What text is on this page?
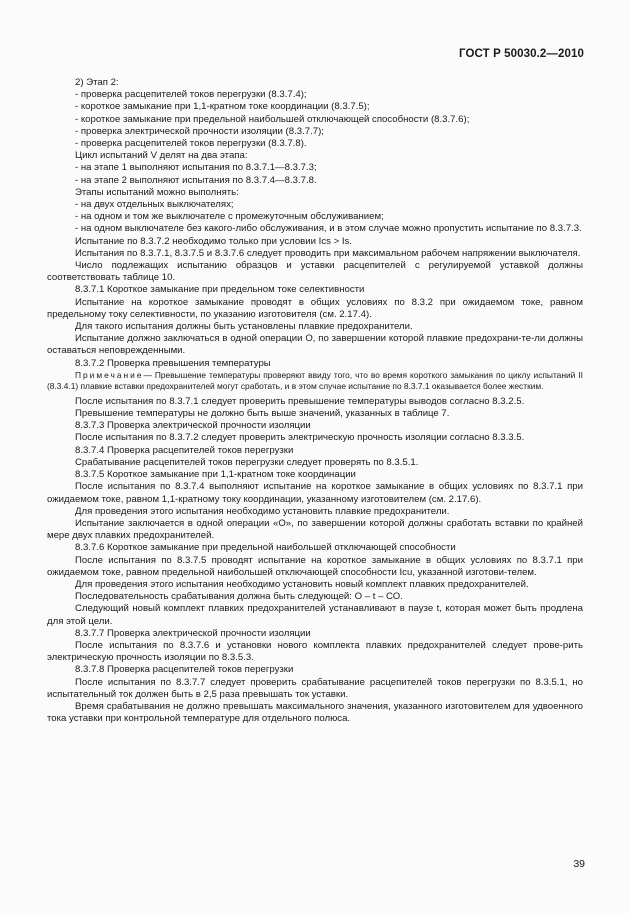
ГОСТ Р 50030.2—2010

2) Этап 2:

- проверка расцепителей токов перегрузки (8.3.7.4);

- короткое замыкание при 1,1-кратном токе координации (8.3.7.5);

- короткое замыкание при предельной наибольшей отключающей способности (8.3.7.6);

- проверка электрической прочности изоляции (8.3.7.7);

- проверка расцепителей токов перегрузки (8.3.7.8).

Цикл испытаний V делят на два этапа:

- на этапе 1 выполняют испытания по 8.3.7.1—8.3.7.3;

- на этапе 2 выполняют испытания по 8.3.7.4—8.3.7.8.

Этапы испытаний можно выполнять:

- на двух отдельных выключателях;

- на одном и том же выключателе с промежуточным обслуживанием;

- на одном выключателе без какого-либо обслуживания, и в этом случае можно пропустить испытание по 8.3.7.3.

Испытание по 8.3.7.2 необходимо только при условии Ics > Is.

Испытания по 8.3.7.1, 8.3.7.5 и 8.3.7.6 следует проводить при максимальном рабочем напряжении выключателя.

Число подлежащих испытанию образцов и уставки расцепителей с регулируемой уставкой должны соответствовать таблице 10.

8.3.7.1 Короткое замыкание при предельном токе селективности

Испытание на короткое замыкание проводят в общих условиях по 8.3.2 при ожидаемом токе, равном предельному току селективности, по указанию изготовителя (см. 2.17.4).

Для такого испытания должны быть установлены плавкие предохранители.

Испытание должно заключаться в одной операции О, по завершении которой плавкие предохрани-те-ли должны оставаться неповрежденными.

8.3.7.2 Проверка превышения температуры

Примечание— Превышение температуры проверяют ввиду того, что во время короткого замыкания по циклу испытаний II (8.3.4.1) плавкие вставки предохранителей могут сработать, и в этом случае испытание по 8.3.7.1 оказывается более жестким.

После испытания по 8.3.7.1 следует проверить превышение температуры выводов согласно 8.3.2.5.

Превышение температуры не должно быть выше значений, указанных в таблице 7.

8.3.7.3 Проверка электрической прочности изоляции

После испытания по 8.3.7.2 следует проверить электрическую прочность изоляции согласно 8.3.3.5.

8.3.7.4 Проверка расцепителей токов перегрузки

Срабатывание расцепителей токов перегрузки следует проверять по 8.3.5.1.

8.3.7.5 Короткое замыкание при 1,1-кратном токе координации

После испытания по 8.3.7.4 выполняют испытание на короткое замыкание в общих условиях по 8.3.7.1 при ожидаемом токе, равном 1,1-кратному току координации, указанному изготовителем (см. 2.17.6).

Для проведения этого испытания необходимо установить плавкие предохранители.

Испытание заключается в одной операции «О», по завершении которой должны сработать вставки по крайней мере двух плавких предохранителей.

8.3.7.6 Короткое замыкание при предельной наибольшей отключающей способности

После испытания по 8.3.7.5 проводят испытание на короткое замыкание в общих условиях по 8.3.7.1 при ожидаемом токе, равном предельной наибольшей отключающей способности Icu, указанной изготови-телем.

Для проведения этого испытания необходимо установить новый комплект плавких предохранителей.

Последовательность срабатывания должна быть следующей: О – t – СО.

Следующий новый комплект плавких предохранителей устанавливают в паузе t, которая может быть продлена для этой цели.

8.3.7.7 Проверка электрической прочности изоляции

После испытания по 8.3.7.6 и установки нового комплекта плавких предохранителей следует прове-рить электрическую прочность изоляции по 8.3.5.3.

8.3.7.8 Проверка расцепителей токов перегрузки

После испытания по 8.3.7.7 следует проверить срабатывание расцепителей токов перегрузки по 8.3.5.1, но испытательный ток должен быть в 2,5 раза превышать ток уставки.

Время срабатывания не должно превышать максимального значения, указанного изготовителем для удвоенного тока уставки при контрольной температуре для отдельного полюса.

39
